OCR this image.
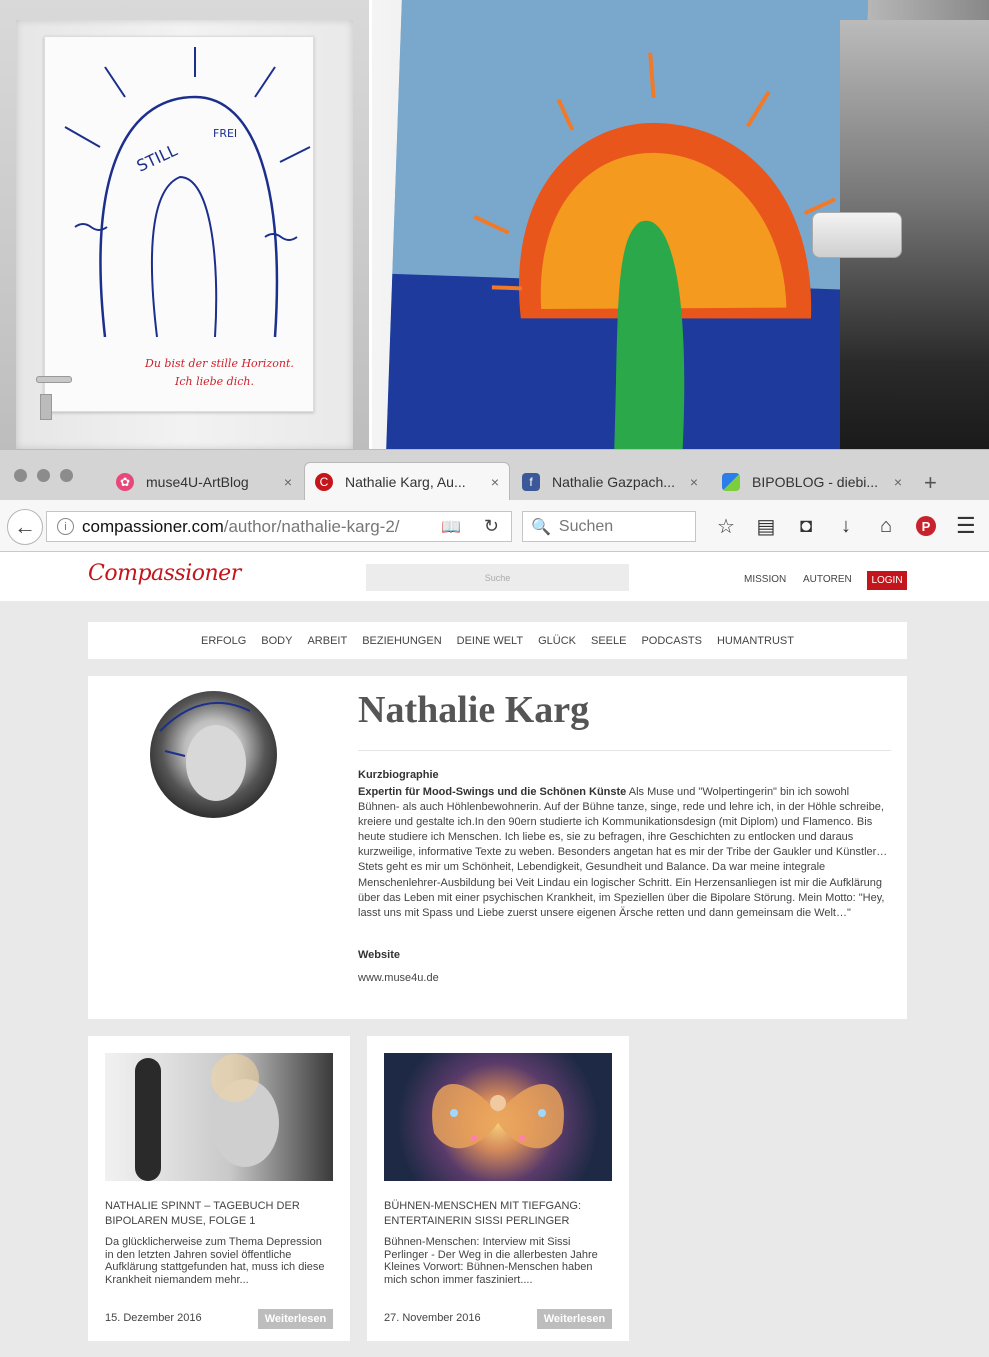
STILL
FREI
Du bist der stille Horizont.
Ich liebe dich.
✿ muse4U-ArtBlog	×	C	Nathalie Karg, Au...	×	f	Nathalie Gazpach...	×	BIPOBLOG - diebi...	× +
←	i compassioner.com /author/nathalie-karg-2/	📖 ↻ 🔍 Suchen	☆	▤	◘	↓	⌂	P ☰
Compassioner	Suche	MISSION AUTOREN	LOGIN
ERFOLG BODY ARBEIT BEZIEHUNGEN DEINE WELT GLÜCK SEELE PODCASTS HUMANTRUST
Nathalie Karg
Kurzbiographie
Expertin für Mood-Swings und die Schönen Künste Als Muse und "Wolpertingerin" bin ich sowohl Bühnen- als auch Höhlenbewohnerin. Auf der Bühne tanze, singe, rede und lehre ich, in der Höhle schreibe, kreiere und gestalte ich.In den 90ern studierte ich Kommunikationsdesign (mit Diplom) und Flamenco. Bis heute studiere ich Menschen. Ich liebe es, sie zu befragen, ihre Geschichten zu entlocken und daraus kurzweilige, informative Texte zu weben. Besonders angetan hat es mir der Tribe der Gaukler und Künstler… Stets geht es mir um Schönheit, Lebendigkeit, Gesundheit und Balance. Da war meine integrale Menschenlehrer-Ausbildung bei Veit Lindau ein logischer Schritt. Ein Herzensanliegen ist mir die Aufklärung über das Leben mit einer psychischen Krankheit, im Speziellen über die Bipolare Störung. Mein Motto: "Hey, lasst uns mit Spass und Liebe zuerst unsere eigenen Ärsche retten und dann gemeinsam die Welt…"
Website
www.muse4u.de
NATHALIE SPINNT – TAGEBUCH DER BIPOLAREN MUSE, FOLGE 1
Da glücklicherweise zum Thema Depression in den letzten Jahren soviel öffentliche Aufklärung stattgefunden hat, muss ich diese Krankheit niemandem mehr...
15. Dezember 2016	Weiterlesen
BÜHNEN-MENSCHEN MIT TIEFGANG: ENTERTAINERIN SISSI PERLINGER
Bühnen-Menschen: Interview mit Sissi Perlinger - Der Weg in die allerbesten Jahre Kleines Vorwort: Bühnen-Menschen haben mich schon immer fasziniert....
27. November 2016	Weiterlesen
